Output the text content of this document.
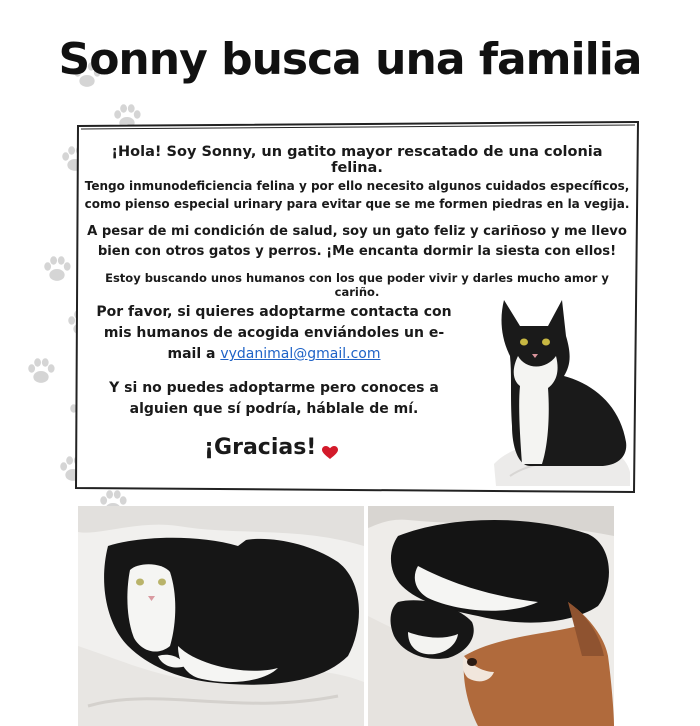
Sonny busca una familia

¡Hola! Soy Sonny, un gatito mayor rescatado de una colonia felina.

Tengo inmunodeficiencia felina y por ello necesito algunos cuidados específicos, como pienso especial urinary para evitar que se me formen piedras en la vegija.

A pesar de mi condición de salud, soy un gato feliz y cariñoso y me llevo bien con otros gatos y perros. ¡Me encanta dormir la siesta con ellos!

Estoy buscando unos humanos con los que poder vivir y darles mucho amor y cariño.

Por favor, si quieres adoptarme contacta con mis humanos de acogida enviándoles un e-mail a vydanimal@gmail.com

Y si no puedes adoptarme pero conoces a alguien que sí podría, háblale de mí.

¡Gracias!
